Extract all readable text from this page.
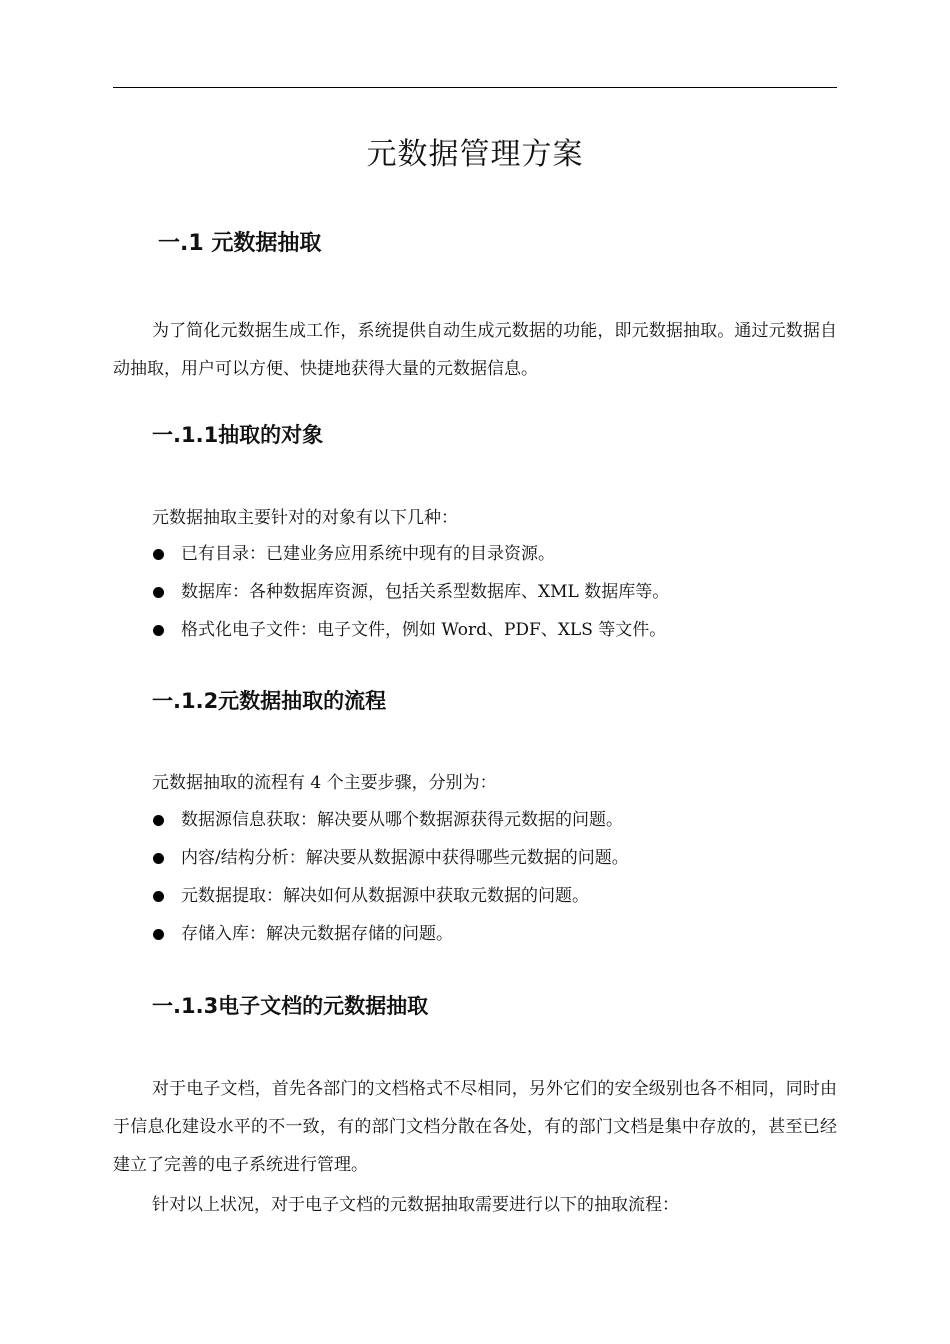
元数据管理方案
一.1 元数据抽取

为了简化元数据生成工作，系统提供自动生成元数据的功能，即元数据抽取。通过元数据自动抽取，用户可以方便、快捷地获得大量的元数据信息。

一.1.1抽取的对象

元数据抽取主要针对的对象有以下几种：

已有目录：已建业务应用系统中现有的目录资源。
数据库：各种数据库资源，包括关系型数据库、XML 数据库等。
格式化电子文件：电子文件，例如 Word、PDF、XLS 等文件。
一.1.2元数据抽取的流程

元数据抽取的流程有 4 个主要步骤，分别为：

数据源信息获取：解决要从哪个数据源获得元数据的问题。
内容/结构分析：解决要从数据源中获得哪些元数据的问题。
元数据提取：解决如何从数据源中获取元数据的问题。
存储入库：解决元数据存储的问题。
一.1.3电子文档的元数据抽取

对于电子文档，首先各部门的文档格式不尽相同，另外它们的安全级别也各不相同，同时由于信息化建设水平的不一致，有的部门文档分散在各处，有的部门文档是集中存放的，甚至已经建立了完善的电子系统进行管理。

针对以上状况，对于电子文档的元数据抽取需要进行以下的抽取流程：
